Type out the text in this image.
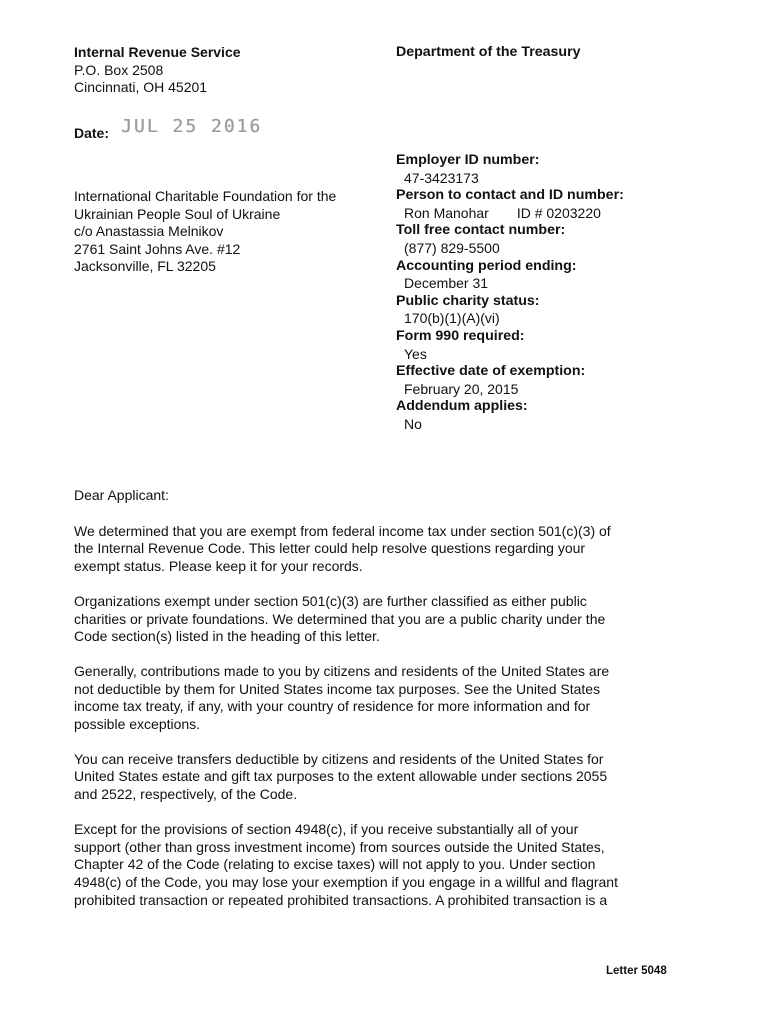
Internal Revenue Service
P.O. Box 2508
Cincinnati, OH 45201
Department of the Treasury
Date: JUL 25 2016
International Charitable Foundation for the
Ukrainian People Soul of Ukraine
c/o Anastassia Melnikov
2761 Saint Johns Ave. #12
Jacksonville, FL 32205
Employer ID number:
47-3423173
Person to contact and ID number:
Ron Manohar ID # 0203220
Toll free contact number:
(877) 829-5500
Accounting period ending:
December 31
Public charity status:
170(b)(1)(A)(vi)
Form 990 required:
Yes
Effective date of exemption:
February 20, 2015
Addendum applies:
No

Dear Applicant:

We determined that you are exempt from federal income tax under section 501(c)(3) of
the Internal Revenue Code. This letter could help resolve questions regarding your
exempt status. Please keep it for your records.

Organizations exempt under section 501(c)(3) are further classified as either public
charities or private foundations. We determined that you are a public charity under the
Code section(s) listed in the heading of this letter.

Generally, contributions made to you by citizens and residents of the United States are
not deductible by them for United States income tax purposes. See the United States
income tax treaty, if any, with your country of residence for more information and for
possible exceptions.

You can receive transfers deductible by citizens and residents of the United States for
United States estate and gift tax purposes to the extent allowable under sections 2055
and 2522, respectively, of the Code.

Except for the provisions of section 4948(c), if you receive substantially all of your
support (other than gross investment income) from sources outside the United States,
Chapter 42 of the Code (relating to excise taxes) will not apply to you. Under section
4948(c) of the Code, you may lose your exemption if you engage in a willful and flagrant
prohibited transaction or repeated prohibited transactions. A prohibited transaction is a

Letter 5048
